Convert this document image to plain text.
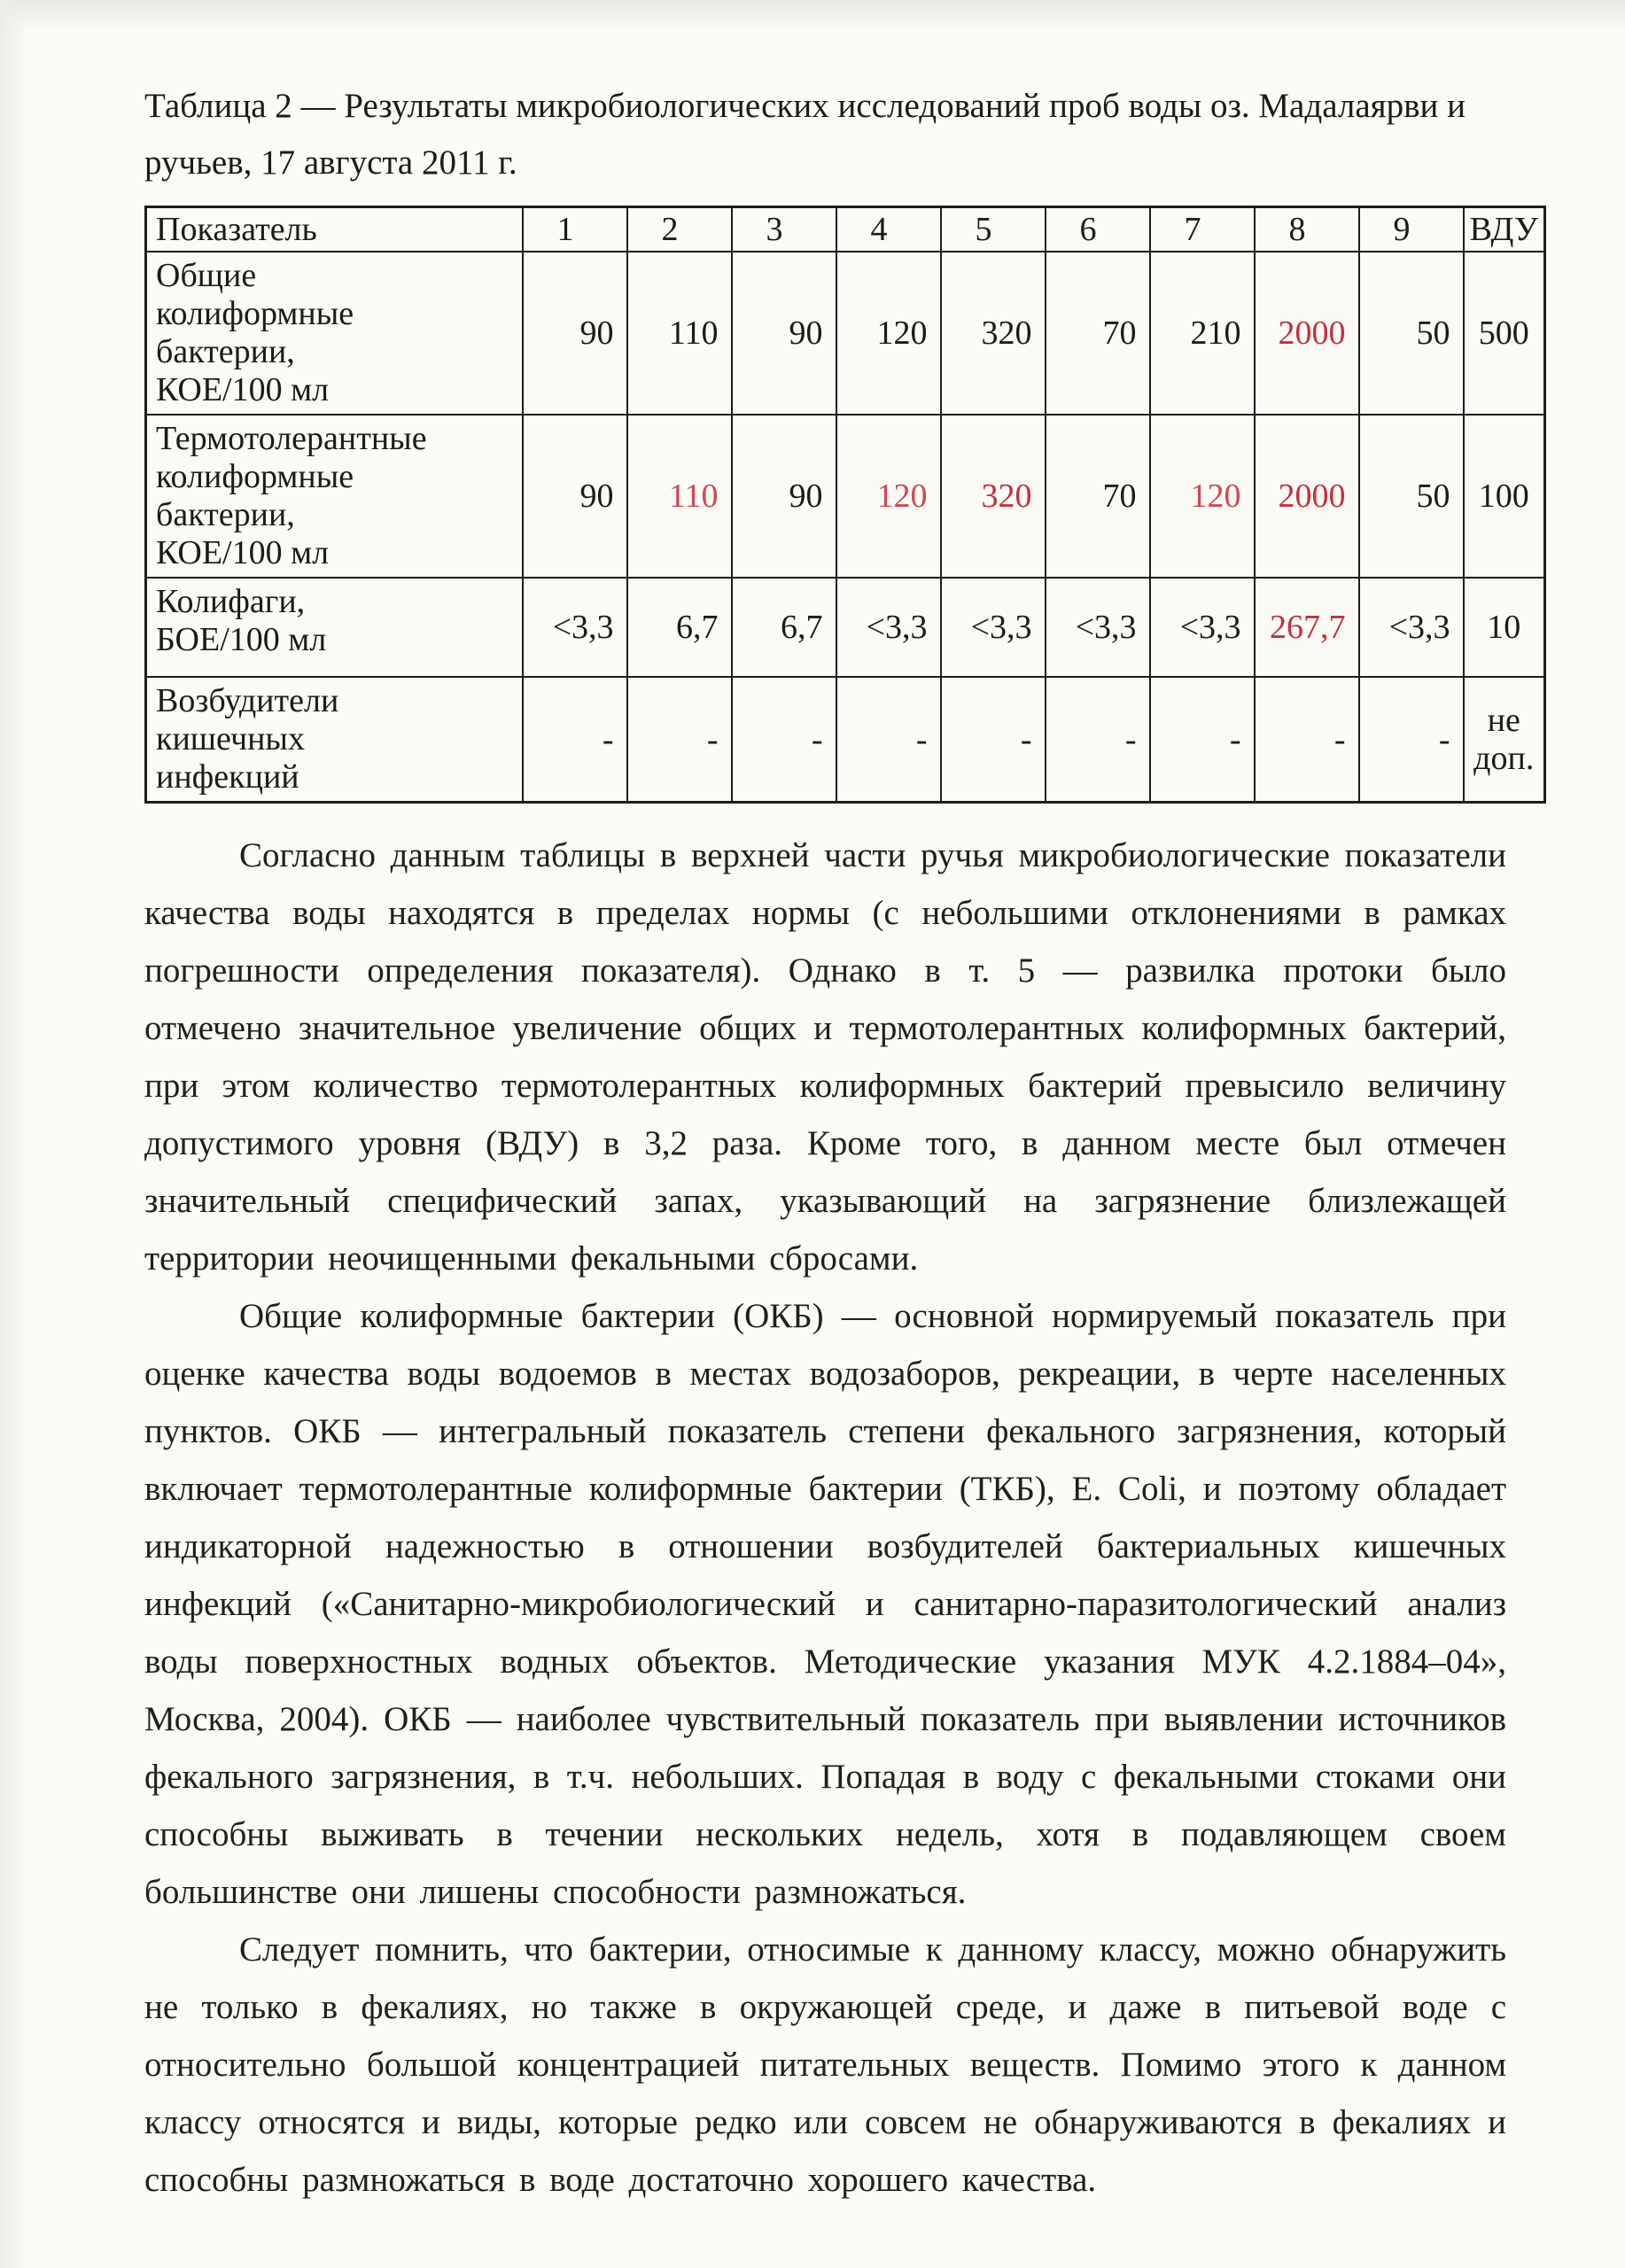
Таблица 2 — Результаты микробиологических исследований проб воды оз. Мадалаярви и ручьев, 17 августа 2011 г.
Показатель	1	2	3	4	5	6	7	8	9	ВДУ

Общие
колиформные
бактерии,
КОЕ/100 мл	90	110	90	120	320	70	210	2000	50	500

Термотолерантные
колиформные
бактерии,
КОЕ/100 мл	90	110	90	120	320	70	120	2000	50	100

Колифаги,
БОЕ/100 мл	<3,3	6,7	6,7	<3,3	<3,3	<3,3	<3,3	267,7	<3,3	10

Возбудители
кишечных
инфекций	-	-	-	-	-	-	-	-	-	не доп.

Согласно данным таблицы в верхней части ручья микробиологические показатели качества воды находятся в пределах нормы (с небольшими отклонениями в рамках погрешности определения показателя). Однако в т. 5 — развилка протоки было отмечено значительное увеличение общих и термотолерантных колиформных бактерий, при этом количество термотолерантных колиформных бактерий превысило величину допустимого уровня (ВДУ) в 3,2 раза. Кроме того, в данном месте был отмечен значительный специфический запах, указывающий на загрязнение близлежащей территории неочищенными фекальными сбросами.

Общие колиформные бактерии (ОКБ) — основной нормируемый показатель при оценке качества воды водоемов в местах водозаборов, рекреации, в черте населенных пунктов. ОКБ — интегральный показатель степени фекального загрязнения, который включает термотолерантные колиформные бактерии (ТКБ), E. Coli, и поэтому обладает индикаторной надежностью в отношении возбудителей бактериальных кишечных инфекций («Санитарно-микробиологический и санитарно-паразитологический анализ воды поверхностных водных объектов. Методические указания МУК 4.2.1884–04», Москва, 2004). ОКБ — наиболее чувствительный показатель при выявлении источников фекального загрязнения, в т.ч. небольших. Попадая в воду с фекальными стоками они способны выживать в течении нескольких недель, хотя в подавляющем своем большинстве они лишены способности размножаться.

Следует помнить, что бактерии, относимые к данному классу, можно обнаружить не только в фекалиях, но также в окружающей среде, и даже в питьевой воде с относительно большой концентрацией питательных веществ. Помимо этого к данном классу относятся и виды, которые редко или совсем не обнаруживаются в фекалиях и способны размножаться в воде достаточно хорошего качества.
